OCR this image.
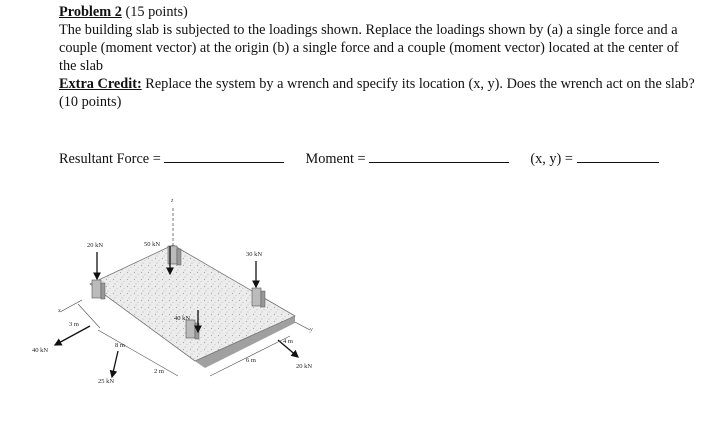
Problem 2 (15 points)

The building slab is subjected to the loadings shown. Replace the loadings shown by (a) a single force and a couple (moment vector) at the origin (b) a single force and a couple (moment vector) located at the center of the slab

Extra Credit: Replace the system by a wrench and specify its location (x, y). Does the wrench act on the slab? (10 points)

Resultant Force =	Moment =	(x, y) =
z
x
y
20 kN	50 kN
30 kN
40 kN
40 kN
25 kN
20 kN
3 m
8 m
2 m
6 m
4 m
